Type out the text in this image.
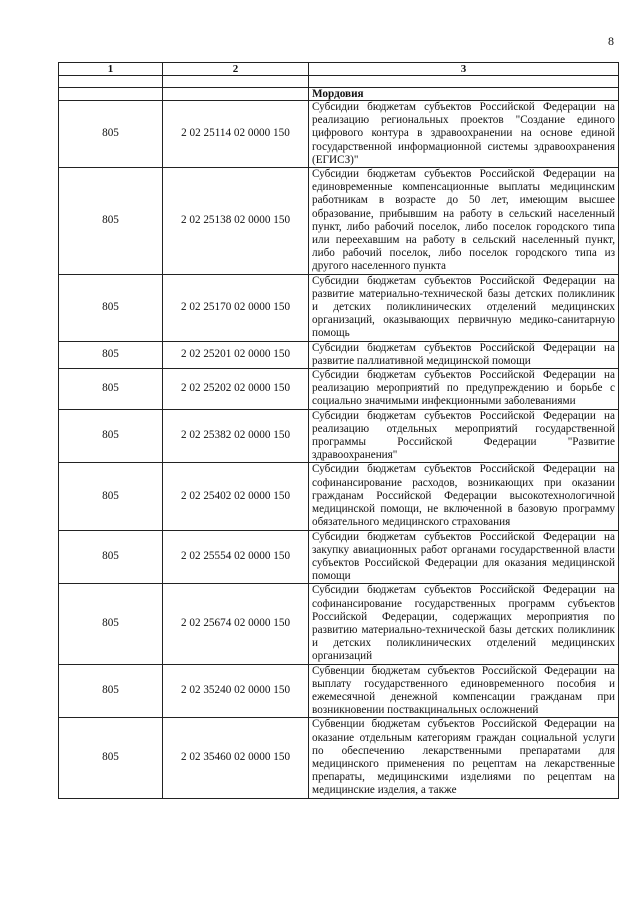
8
1	2	3

		Мордовия
805	2 02 25114 02 0000 150	Субсидии бюджетам субъектов Российской Федерации на реализацию региональных проектов "Создание единого цифрового контура в здравоохранении на основе единой государственной информационной системы здравоохранения (ЕГИСЗ)"
805	2 02 25138 02 0000 150	Субсидии бюджетам субъектов Российской Федерации на единовременные компенсационные выплаты медицинским работникам в возрасте до 50 лет, имеющим высшее образование, прибывшим на работу в сельский населенный пункт, либо рабочий поселок, либо поселок городского типа или переехавшим на работу в сельский населенный пункт, либо рабочий поселок, либо поселок городского типа из другого населенного пункта
805	2 02 25170 02 0000 150	Субсидии бюджетам субъектов Российской Федерации на развитие материально-технической базы детских поликлиник и детских поликлинических отделений медицинских организаций, оказывающих первичную медико-санитарную помощь
805	2 02 25201 02 0000 150	Субсидии бюджетам субъектов Российской Федерации на развитие паллиативной медицинской помощи
805	2 02 25202 02 0000 150	Субсидии бюджетам субъектов Российской Федерации на реализацию мероприятий по предупреждению и борьбе с социально значимыми инфекционными заболеваниями
805	2 02 25382 02 0000 150	Субсидии бюджетам субъектов Российской Федерации на реализацию отдельных мероприятий государственной программы Российской Федерации "Развитие здравоохранения"
805	2 02 25402 02 0000 150	Субсидии бюджетам субъектов Российской Федерации на софинансирование расходов, возникающих при оказании гражданам Российской Федерации высокотехнологичной медицинской помощи, не включенной в базовую программу обязательного медицинского страхования
805	2 02 25554 02 0000 150	Субсидии бюджетам субъектов Российской Федерации на закупку авиационных работ органами государственной власти субъектов Российской Федерации для оказания медицинской помощи
805	2 02 25674 02 0000 150	Субсидии бюджетам субъектов Российской Федерации на софинансирование государственных программ субъектов Российской Федерации, содержащих мероприятия по развитию материально-технической базы детских поликлиник и детских поликлинических отделений медицинских организаций
805	2 02 35240 02 0000 150	Субвенции бюджетам субъектов Российской Федерации на выплату государственного единовременного пособия и ежемесячной денежной компенсации гражданам при возникновении поствакцинальных осложнений
805	2 02 35460 02 0000 150	Субвенции бюджетам субъектов Российской Федерации на оказание отдельным категориям граждан социальной услуги по обеспечению лекарственными препаратами для медицинского применения по рецептам на лекарственные препараты, медицинскими изделиями по рецептам на медицинские изделия, а также
